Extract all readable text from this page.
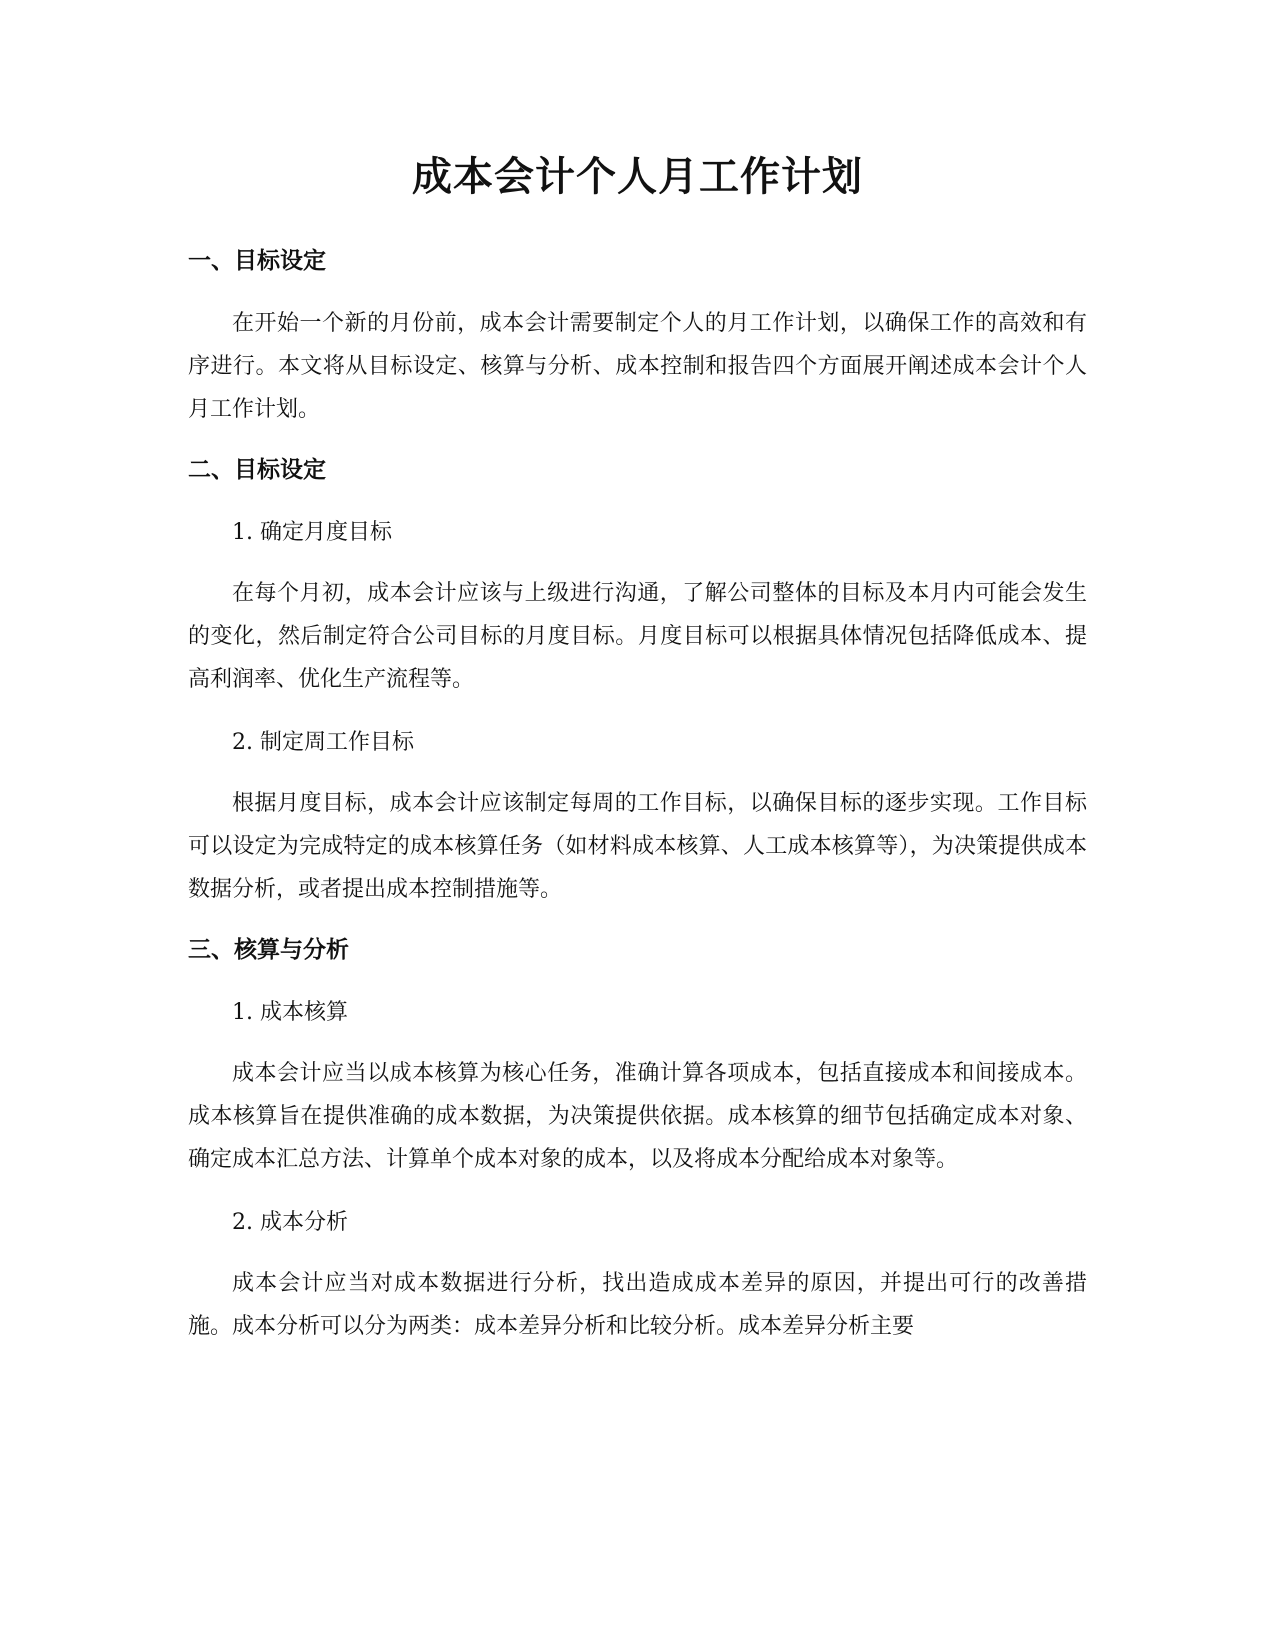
成本会计个人月工作计划
一、目标设定

在开始一个新的月份前，成本会计需要制定个人的月工作计划，以确保工作的高效和有序进行。本文将从目标设定、核算与分析、成本控制和报告四个方面展开阐述成本会计个人月工作计划。

二、目标设定
1. 确定月度目标

在每个月初，成本会计应该与上级进行沟通，了解公司整体的目标及本月内可能会发生的变化，然后制定符合公司目标的月度目标。月度目标可以根据具体情况包括降低成本、提高利润率、优化生产流程等。

2. 制定周工作目标

根据月度目标，成本会计应该制定每周的工作目标，以确保目标的逐步实现。工作目标可以设定为完成特定的成本核算任务（如材料成本核算、人工成本核算等），为决策提供成本数据分析，或者提出成本控制措施等。

三、核算与分析
1. 成本核算

成本会计应当以成本核算为核心任务，准确计算各项成本，包括直接成本和间接成本。成本核算旨在提供准确的成本数据，为决策提供依据。成本核算的细节包括确定成本对象、确定成本汇总方法、计算单个成本对象的成本，以及将成本分配给成本对象等。

2. 成本分析

成本会计应当对成本数据进行分析，找出造成成本差异的原因，并提出可行的改善措施。成本分析可以分为两类：成本差异分析和比较分析。成本差异分析主要
